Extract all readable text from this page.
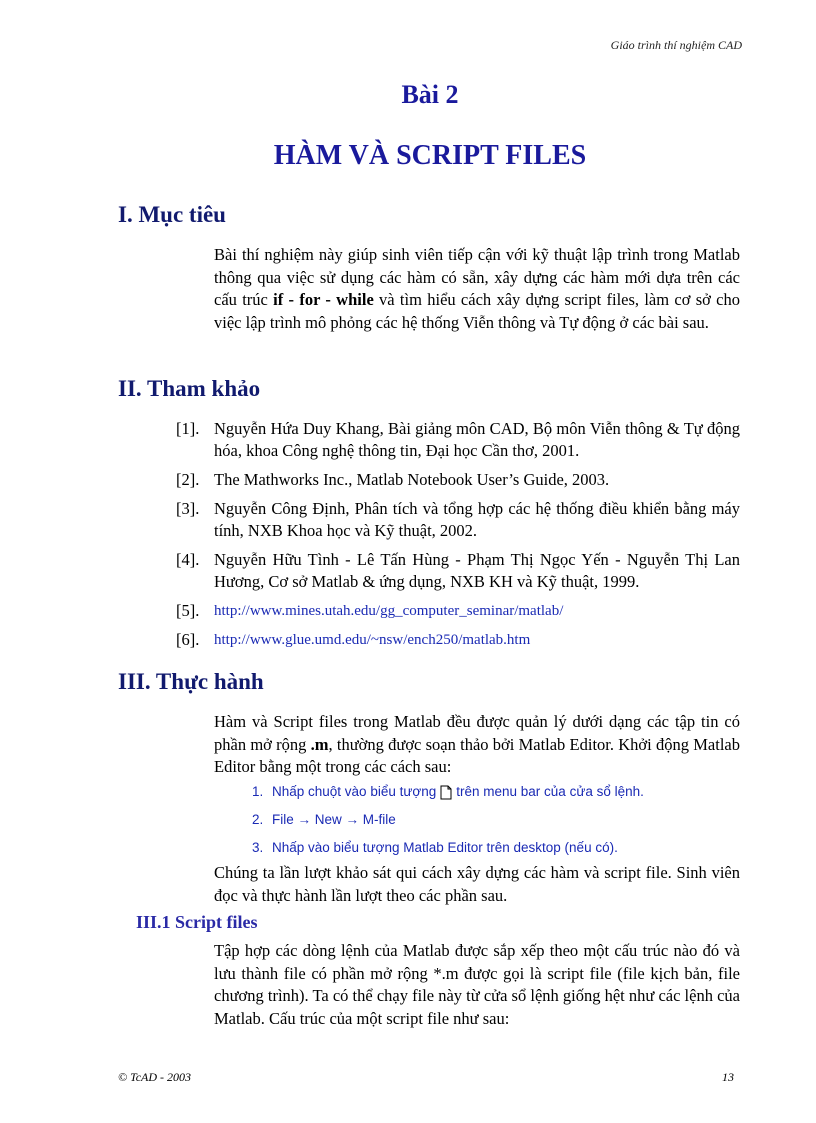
Giáo trình thí nghiệm CAD
Bài 2
HÀM VÀ SCRIPT FILES
I. Mục tiêu
Bài thí nghiệm này giúp sinh viên tiếp cận với kỹ thuật lập trình trong Matlab thông qua việc sử dụng các hàm có sẵn, xây dựng các hàm mới dựa trên các cấu trúc if - for - while và tìm hiểu cách xây dựng script files, làm cơ sở cho việc lập trình mô phỏng các hệ thống Viễn thông và Tự động ở các bài sau.
II. Tham khảo
[1]. Nguyễn Hứa Duy Khang, Bài giảng môn CAD, Bộ môn Viễn thông & Tự động hóa, khoa Công nghệ thông tin, Đại học Cần thơ, 2001.
[2]. The Mathworks Inc., Matlab Notebook User’s Guide, 2003.
[3]. Nguyễn Công Định, Phân tích và tổng hợp các hệ thống điều khiển bằng máy tính, NXB Khoa học và Kỹ thuật, 2002.
[4]. Nguyễn Hữu Tình - Lê Tấn Hùng - Phạm Thị Ngọc Yến - Nguyễn Thị Lan Hương, Cơ sở Matlab & ứng dụng, NXB KH và Kỹ thuật, 1999.
[5]. http://www.mines.utah.edu/gg_computer_seminar/matlab/
[6]. http://www.glue.umd.edu/~nsw/ench250/matlab.htm
III. Thực hành
Hàm và Script files trong Matlab đều được quản lý dưới dạng các tập tin có phần mở rộng .m, thường được soạn thảo bởi Matlab Editor. Khởi động Matlab Editor bằng một trong các cách sau:
1. Nhấp chuột vào biểu tượng trên menu bar của cửa sổ lệnh.
2. File → New → M-file
3. Nhấp vào biểu tượng Matlab Editor trên desktop (nếu có).
Chúng ta lần lượt khảo sát qui cách xây dựng các hàm và script file. Sinh viên đọc và thực hành lần lượt theo các phần sau.
III.1 Script files
Tập hợp các dòng lệnh của Matlab được sắp xếp theo một cấu trúc nào đó và lưu thành file có phần mở rộng *.m được gọi là script file (file kịch bản, file chương trình). Ta có thể chạy file này từ cửa sổ lệnh giống hệt như các lệnh của Matlab. Cấu trúc của một script file như sau:
© TcAD - 2003	13
